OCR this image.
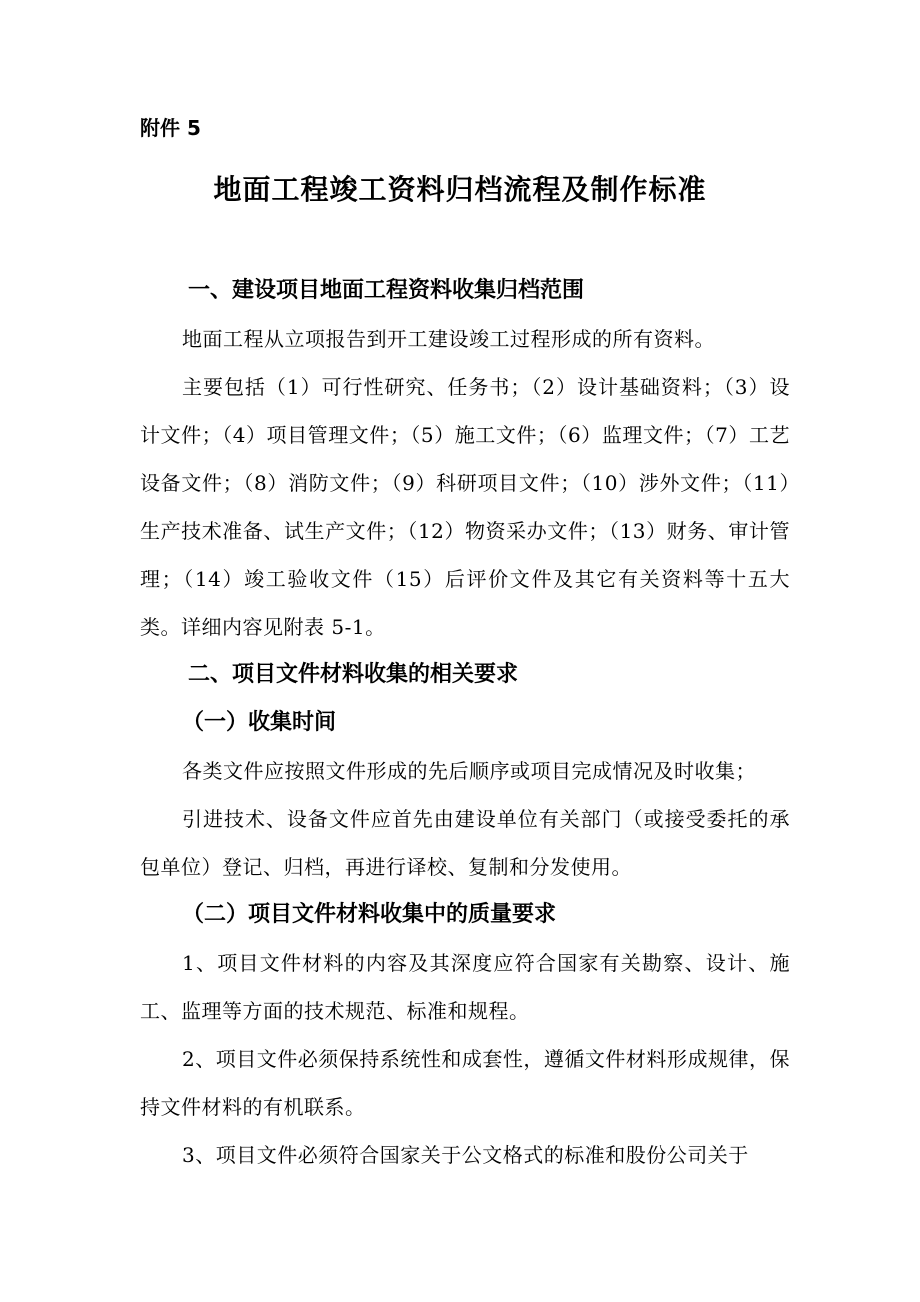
附件 5
地面工程竣工资料归档流程及制作标准

一、建设项目地面工程资料收集归档范围

地面工程从立项报告到开工建设竣工过程形成的所有资料。

主要包括（1）可行性研究、任务书；（2）设计基础资料；（3）设计文件；（4）项目管理文件；（5）施工文件；（6）监理文件；（7）工艺设备文件；（8）消防文件；（9）科研项目文件；（10）涉外文件；（11）生产技术准备、试生产文件；（12）物资采办文件；（13）财务、审计管理；（14）竣工验收文件（15）后评价文件及其它有关资料等十五大类。详细内容见附表 5-1。

二、项目文件材料收集的相关要求

（一）收集时间

各类文件应按照文件形成的先后顺序或项目完成情况及时收集；

引进技术、设备文件应首先由建设单位有关部门（或接受委托的承包单位）登记、归档，再进行译校、复制和分发使用。

（二）项目文件材料收集中的质量要求

1、项目文件材料的内容及其深度应符合国家有关勘察、设计、施工、监理等方面的技术规范、标准和规程。

2、项目文件必须保持系统性和成套性，遵循文件材料形成规律，保持文件材料的有机联系。

3、项目文件必须符合国家关于公文格式的标准和股份公司关于
